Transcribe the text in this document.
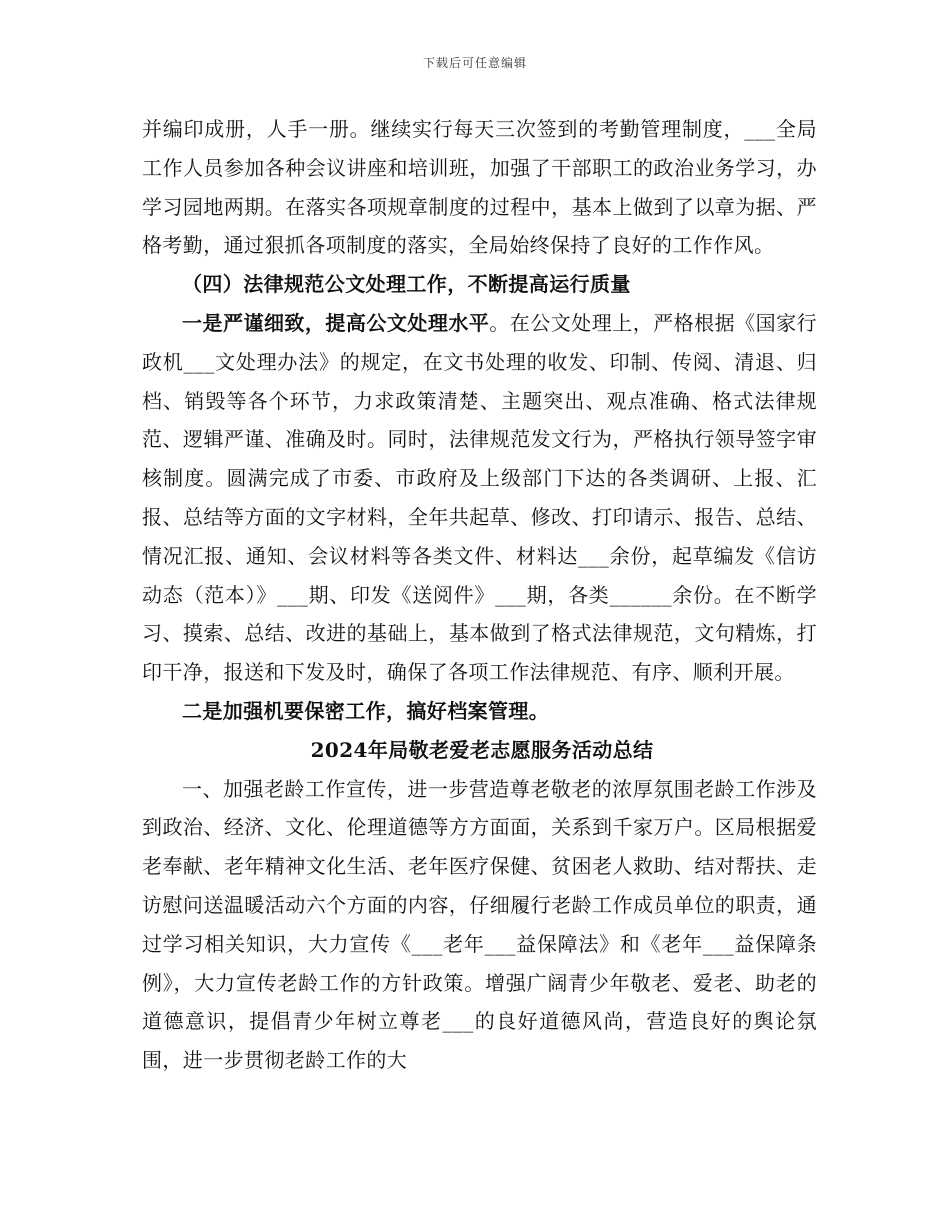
下载后可任意编辑

并编印成册，人手一册。继续实行每天三次签到的考勤管理制度，___全局工作人员参加各种会议讲座和培训班，加强了干部职工的政治业务学习，办学习园地两期。在落实各项规章制度的过程中，基本上做到了以章为据、严格考勤，通过狠抓各项制度的落实，全局始终保持了良好的工作作风。

（四）法律规范公文处理工作，不断提高运行质量

一是严谨细致，提高公文处理水平。在公文处理上，严格根据《国家行政机___文处理办法》的规定，在文书处理的收发、印制、传阅、清退、归档、销毁等各个环节，力求政策清楚、主题突出、观点准确、格式法律规范、逻辑严谨、准确及时。同时，法律规范发文行为，严格执行领导签字审核制度。圆满完成了市委、市政府及上级部门下达的各类调研、上报、汇报、总结等方面的文字材料，全年共起草、修改、打印请示、报告、总结、情况汇报、通知、会议材料等各类文件、材料达___余份，起草编发《信访动态（范本）》___期、印发《送阅件》___期，各类______余份。在不断学习、摸索、总结、改进的基础上，基本做到了格式法律规范，文句精炼，打印干净，报送和下发及时，确保了各项工作法律规范、有序、顺利开展。

二是加强机要保密工作，搞好档案管理。

2024年局敬老爱老志愿服务活动总结

一、加强老龄工作宣传，进一步营造尊老敬老的浓厚氛围老龄工作涉及到政治、经济、文化、伦理道德等方方面面，关系到千家万户。区局根据爱老奉献、老年精神文化生活、老年医疗保健、贫困老人救助、结对帮扶、走访慰问送温暖活动六个方面的内容，仔细履行老龄工作成员单位的职责，通过学习相关知识，大力宣传《___老年___益保障法》和《老年___益保障条例》，大力宣传老龄工作的方针政策。增强广阔青少年敬老、爱老、助老的道德意识，提倡青少年树立尊老___的良好道德风尚，营造良好的舆论氛围，进一步贯彻老龄工作的大
